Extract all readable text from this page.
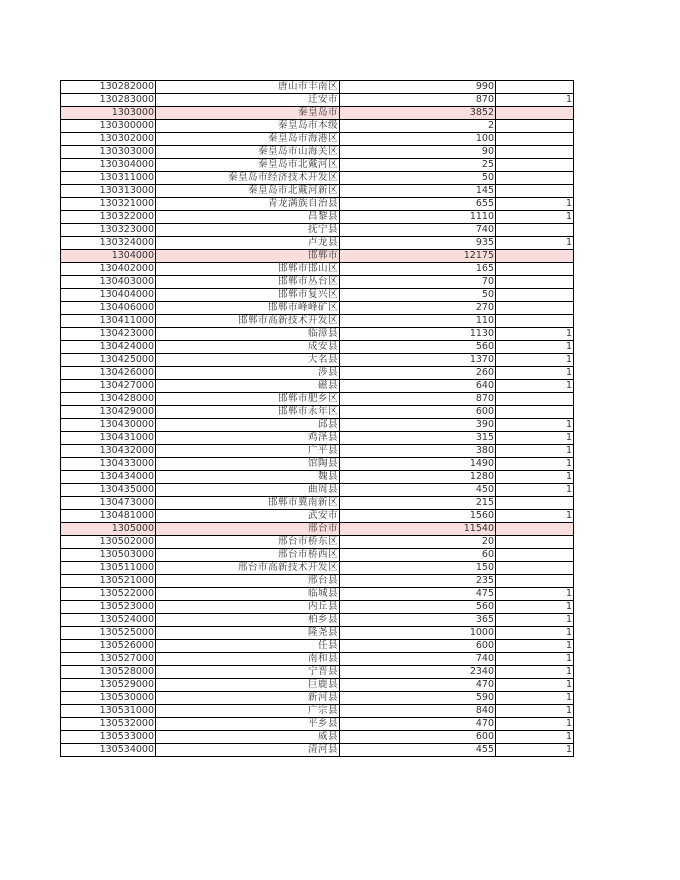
130282000	唐山市丰南区	990	
130283000	迁安市	870	1
1303000	秦皇岛市	3852	
130300000	秦皇岛市本级	2	
130302000	秦皇岛市海港区	100	
130303000	秦皇岛市山海关区	90	
130304000	秦皇岛市北戴河区	25	
130311000	秦皇岛市经济技术开发区	50	
130313000	秦皇岛市北戴河新区	145	
130321000	青龙满族自治县	655	1
130322000	昌黎县	1110	1
130323000	抚宁县	740	
130324000	卢龙县	935	1
1304000	邯郸市	12175	
130402000	邯郸市邯山区	165	
130403000	邯郸市丛台区	70	
130404000	邯郸市复兴区	50	
130406000	邯郸市峰峰矿区	270	
130411000	邯郸市高新技术开发区	110	
130423000	临漳县	1130	1
130424000	成安县	560	1
130425000	大名县	1370	1
130426000	涉县	260	1
130427000	磁县	640	1
130428000	邯郸市肥乡区	870	
130429000	邯郸市永年区	600	
130430000	邱县	390	1
130431000	鸡泽县	315	1
130432000	广平县	380	1
130433000	馆陶县	1490	1
130434000	魏县	1280	1
130435000	曲周县	450	1
130473000	邯郸市冀南新区	215	
130481000	武安市	1560	1
1305000	邢台市	11540	
130502000	邢台市桥东区	20	
130503000	邢台市桥西区	60	
130511000	邢台市高新技术开发区	150	
130521000	邢台县	235	
130522000	临城县	475	1
130523000	内丘县	560	1
130524000	柏乡县	365	1
130525000	隆尧县	1000	1
130526000	任县	600	1
130527000	南和县	740	1
130528000	宁晋县	2340	1
130529000	巨鹿县	470	1
130530000	新河县	590	1
130531000	广宗县	840	1
130532000	平乡县	470	1
130533000	威县	600	1
130534000	清河县	455	1
